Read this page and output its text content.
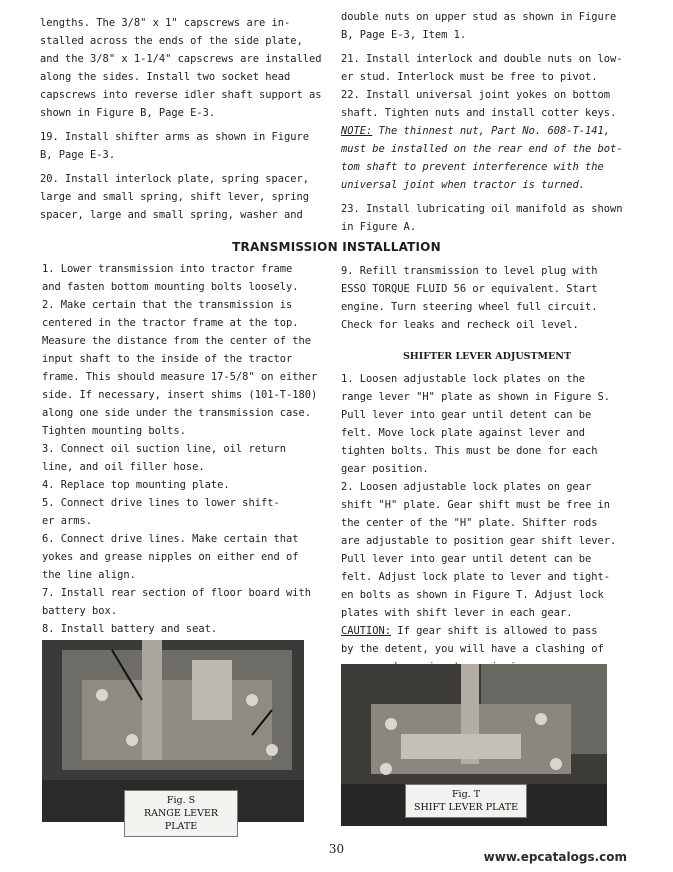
lengths. The 3/8" x 1" capscrews are in-

stalled across the ends of the side plate,

and the 3/8" x 1-1/4" capscrews are installed

along the sides. Install two socket head

capscrews into reverse idler shaft support as

shown in Figure B, Page E-3.

19. Install shifter arms as shown in Figure

B, Page E-3.

20. Install interlock plate, spring spacer,

large and small spring, shift lever, spring

spacer, large and small spring, washer and

double nuts on upper stud as shown in Figure

B, Page E-3, Item 1.

21. Install interlock and double nuts on low-

er stud. Interlock must be free to pivot.

22. Install universal joint yokes on bottom

shaft. Tighten nuts and install cotter keys.

NOTE: The thinnest nut, Part No. 608-T-141,

must be installed on the rear end of the bot-

tom shaft to prevent interference with the

universal joint when tractor is turned.

23. Install lubricating oil manifold as shown

in Figure A.

TRANSMISSION INSTALLATION

1. Lower transmission into tractor frame

and fasten bottom mounting bolts loosely.

2. Make certain that the transmission is

centered in the tractor frame at the top.

Measure the distance from the center of the

input shaft to the inside of the tractor

frame. This should measure 17-5/8" on either

side. If necessary, insert shims (101-T-180)

along one side under the transmission case.

Tighten mounting bolts.

3. Connect oil suction line, oil return

line, and oil filler hose.

4. Replace top mounting plate.

5. Connect drive lines to lower shift-

er arms.

6. Connect drive lines. Make certain that

yokes and grease nipples on either end of

the line align.

7. Install rear section of floor board with

battery box.

8. Install battery and seat.

9. Refill transmission to level plug with

ESSO TORQUE FLUID 56 or equivalent. Start

engine. Turn steering wheel full circuit.

Check for leaks and recheck oil level.

SHIFTER LEVER ADJUSTMENT

1. Loosen adjustable lock plates on the

range lever "H" plate as shown in Figure S.

Pull lever into gear until detent can be

felt. Move lock plate against lever and

tighten bolts. This must be done for each

gear position.

2. Loosen adjustable lock plates on gear

shift "H" plate. Gear shift must be free in

the center of the "H" plate. Shifter rods

are adjustable to position gear shift lever.

Pull lever into gear until detent can be

felt. Adjust lock plate to lever and tight-

en bolts as shown in Figure T. Adjust lock

plates with shift lever in each gear.

CAUTION: If gear shift is allowed to pass

by the detent, you will have a clashing of

Fig. S
RANGE LEVER PLATE
Fig. T
SHIFT LEVER PLATE
30
www.epcatalogs.com
